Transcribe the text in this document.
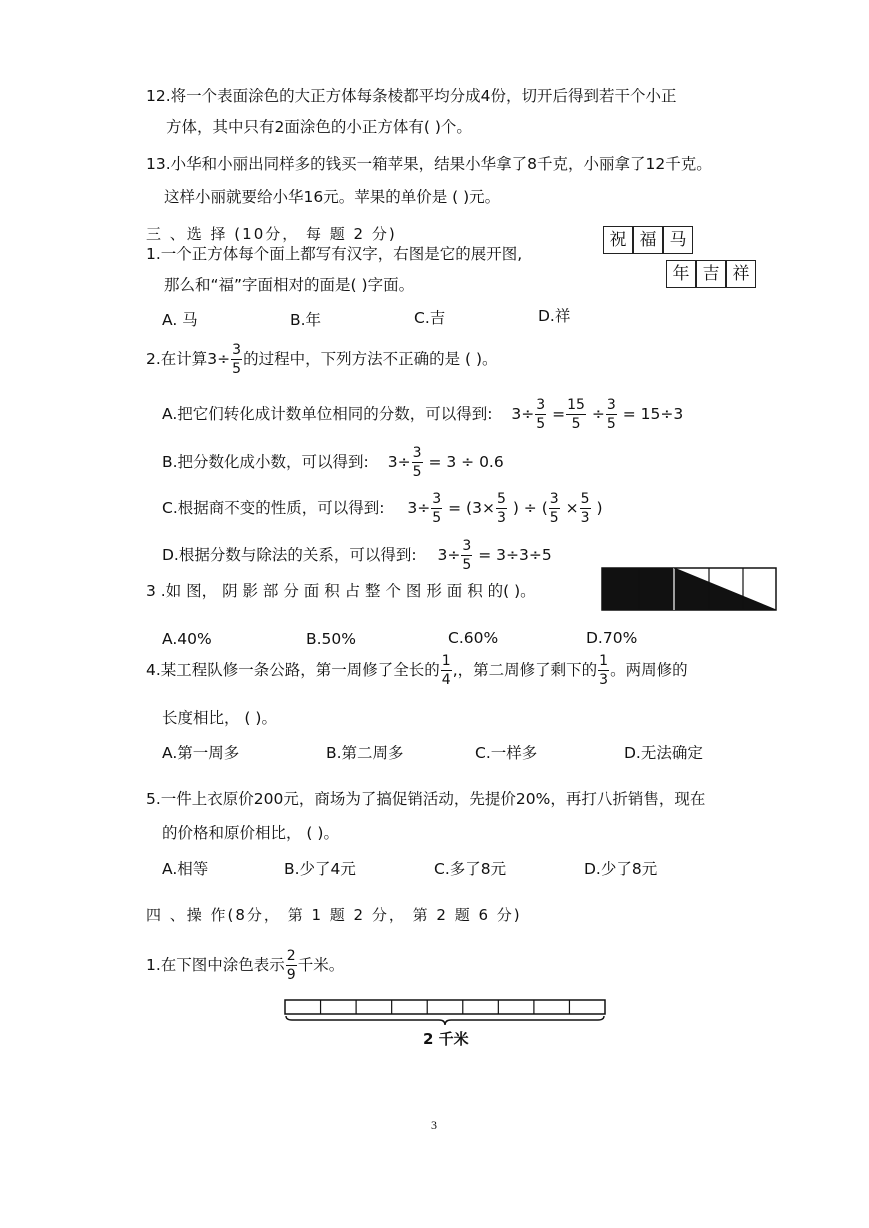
12.将一个表面涂色的大正方体每条棱都平均分成4份，切开后得到若干个小正
方体，其中只有2面涂色的小正方体有( )个。
13.小华和小丽出同样多的钱买一箱苹果，结果小华拿了8千克，小丽拿了12千克。
这样小丽就要给小华16元。苹果的单价是 ( )元。
三 、选 择 (10分， 每 题 2 分)
1.一个正方体每个面上都写有汉字，右图是它的展开图,
那么和“福”字面相对的面是( )字面。
祝 福 马
年 吉 祥
A. 马	B.年	C.吉	D.祥
2.在计算$3\div \frac{3}{5}$ 的过程中，下列方法不正确的是 ( )。
A.把它们转化成计数单位相同的分数，可以得到: $3\div \frac{3}{5} = \frac{15}{5} \div \frac{3}{5} = 15\div 3$
B.把分数化成小数，可以得到: $3\div \frac{3}{5} = 3 \div 0.6$
C.根据商不变的性质，可以得到: $3\div \frac{3}{5} = (3\times \frac{5}{3}$ ) ÷ ( $\frac{3}{5} \times \frac{5}{3}$ )
D.根据分数与除法的关系，可以得到: $3\div \frac{3}{5} = 3\div 3\div 5$
3 .如 图， 阴 影 部 分 面 积 占 整 个 图 形 面 积 的( )。
A.40%	B.50%	C.60%	D.70%
4.某工程队修一条公路，第一周修了全长的 $\frac{1}{4}$ ,，第二周修了剩下的 $\frac{1}{3}$ 。两周修的
长度相比， ( )。
A.第一周多	B.第二周多	C.一样多	D.无法确定
5.一件上衣原价200元，商场为了搞促销活动，先提价20%，再打八折销售，现在
的价格和原价相比， ( )。
A.相等	B.少了4元	C.多了8元	D.少了8元
四 、操 作(8分， 第 1 题 2 分， 第 2 题 6 分)
1.在下图中涂色表示 $\frac{2}{9}$ 千米。
2 千米
3
